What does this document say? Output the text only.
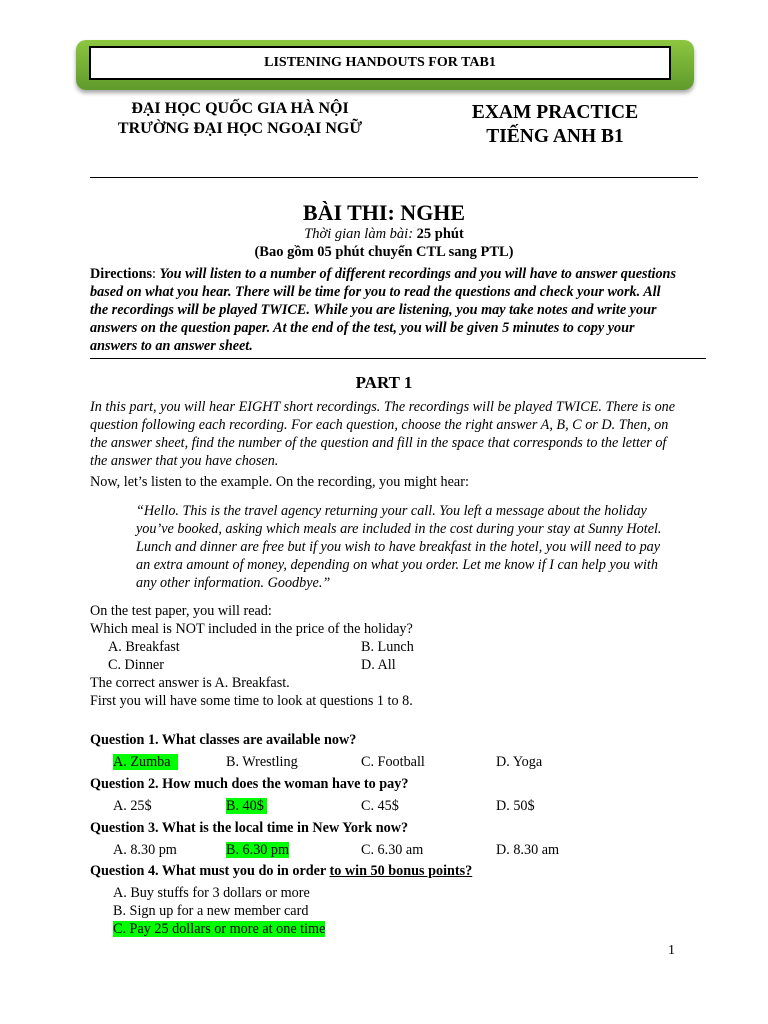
LISTENING HANDOUTS FOR TAB1
ĐẠI HỌC QUỐC GIA HÀ NỘI
TRƯỜNG ĐẠI HỌC NGOẠI NGỮ
EXAM PRACTICE
TIẾNG ANH B1
BÀI THI: NGHE
Thời gian làm bài: 25 phút
(Bao gồm 05 phút chuyển CTL sang PTL)
Directions: You will listen to a number of different recordings and you will have to answer questions based on what you hear. There will be time for you to read the questions and check your work. All the recordings will be played TWICE. While you are listening, you may take notes and write your answers on the question paper. At the end of the test, you will be given 5 minutes to copy your answers to an answer sheet.
PART 1
In this part, you will hear EIGHT short recordings. The recordings will be played TWICE. There is one question following each recording. For each question, choose the right answer A, B, C or D. Then, on the answer sheet, find the number of the question and fill in the space that corresponds to the letter of the answer that you have chosen.
Now, let’s listen to the example. On the recording, you might hear:
“Hello. This is the travel agency returning your call. You left a message about the holiday you’ve booked, asking which meals are included in the cost during your stay at Sunny Hotel. Lunch and dinner are free but if you wish to have breakfast in the hotel, you will need to pay an extra amount of money, depending on what you order. Let me know if I can help you with any other information. Goodbye.”
On the test paper, you will read:
Which meal is NOT included in the price of the holiday?
A. Breakfast	B. Lunch
C. Dinner	D. All
The correct answer is A. Breakfast.
First you will have some time to look at questions 1 to 8.
Question 1. What classes are available now?
A. Zumba	B. Wrestling	C. Football	D. Yoga
Question 2. How much does the woman have to pay?
A. 25$	B. 40$	C. 45$	D. 50$
Question 3. What is the local time in New York now?
A. 8.30 pm	B. 6.30 pm	C. 6.30 am	D. 8.30 am
Question 4. What must you do in order to win 50 bonus points?
A. Buy stuffs for 3 dollars or more
B. Sign up for a new member card
C. Pay 25 dollars or more at one time
1
